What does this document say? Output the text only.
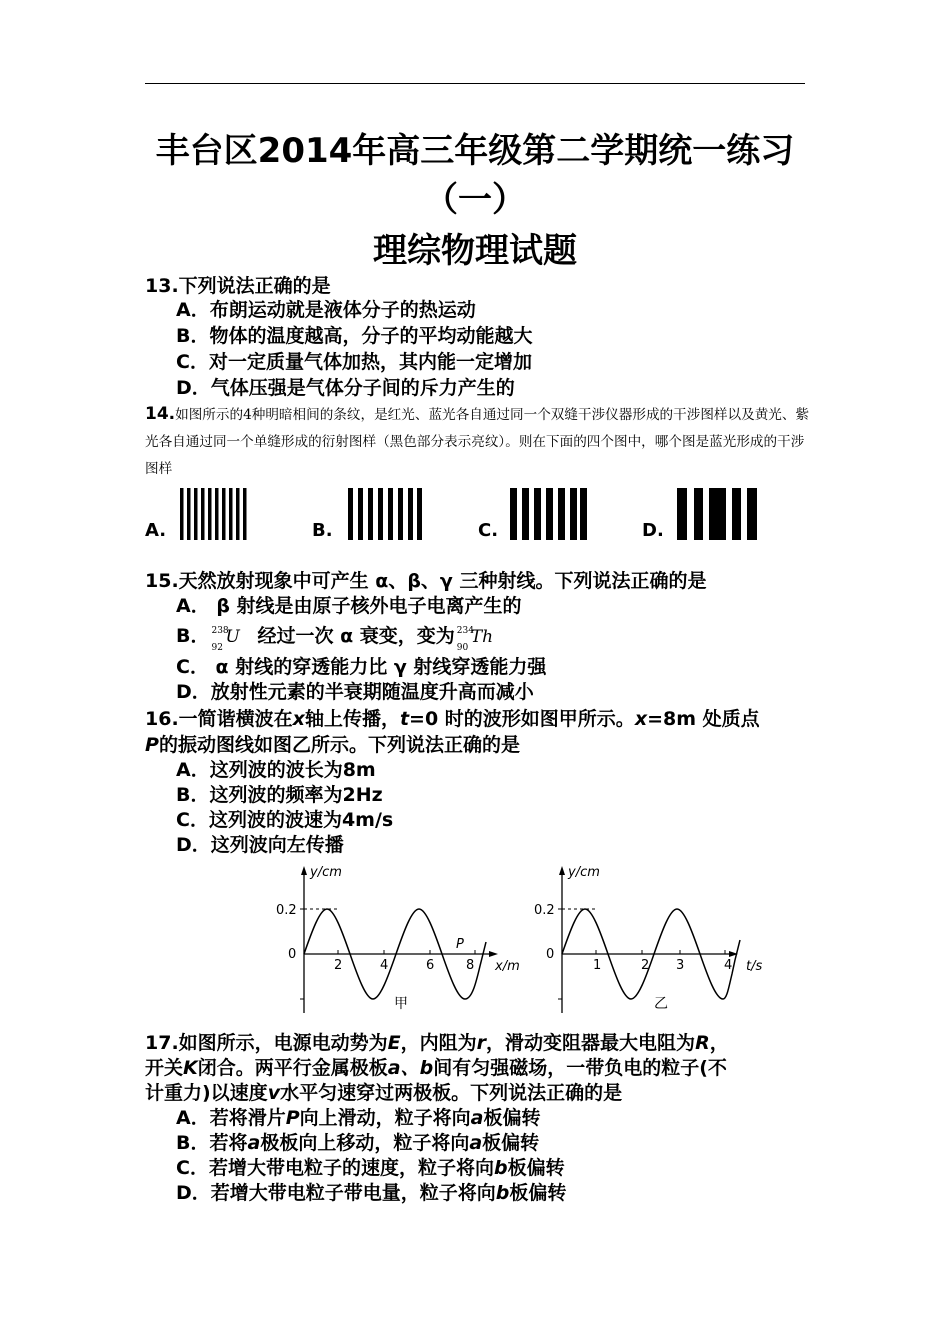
丰台区2014年高三年级第二学期统一练习
（一）
理综物理试题
13.下列说法正确的是
A．布朗运动就是液体分子的热运动
B．物体的温度越高，分子的平均动能越大
C．对一定质量气体加热，其内能一定增加
D．气体压强是气体分子间的斥力产生的
14.如图所示的4种明暗相间的条纹，是红光、蓝光各自通过同一个双缝干涉仪器形成的干涉图样以及黄光、紫光各自通过同一个单缝形成的衍射图样（黑色部分表示亮纹）。则在下面的四个图中，哪个图是蓝光形成的干涉图样
A.	B.	C.	D.
15.天然放射现象中可产生 α、β、γ 三种射线。下列说法正确的是
A． β 射线是由原子核外电子电离产生的
B． 238
92
U 经过一次 α 衰变，变为 234
90
Th
C． α 射线的穿透能力比 γ 射线穿透能力强
D．放射性元素的半衰期随温度升高而减小
16.一简谐横波在x轴上传播，t=0 时的波形如图甲所示。x=8m 处质点
P的振动图线如图乙所示。下列说法正确的是
A．这列波的波长为8m
B．这列波的频率为2Hz
C．这列波的波速为4m/s
D．这列波向左传播
y/cm
0.2
0
2	4	6 8
P
x/m
甲
y/cm
0.2
0
1	2 3	4 t/s
乙
17.如图所示，电源电动势为E，内阻为r，滑动变阻器最大电阻为R，
开关K闭合。两平行金属极板a、b间有匀强磁场，一带负电的粒子(不
计重力)以速度v水平匀速穿过两极板。下列说法正确的是
A．若将滑片P向上滑动，粒子将向a板偏转
B．若将a极板向上移动，粒子将向a板偏转
C．若增大带电粒子的速度，粒子将向b板偏转
D．若增大带电粒子带电量，粒子将向b板偏转
